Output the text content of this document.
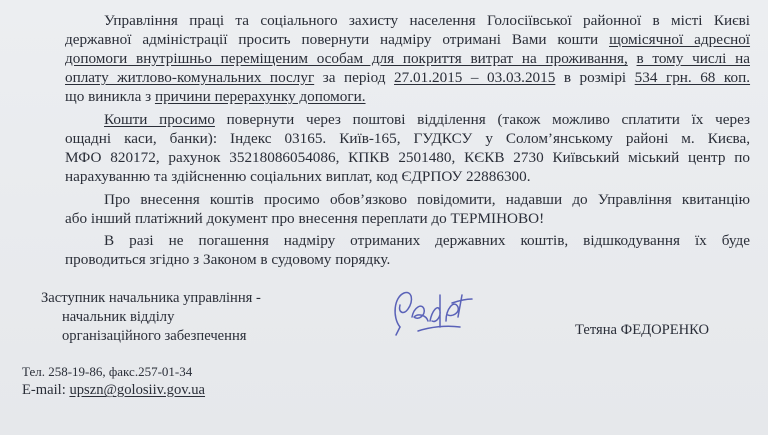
Управління праці та соціального захисту населення Голосіївської районної в місті Києві
державної адміністрації просить повернути надміру отримані Вами кошти щомісячної адресної
допомоги внутрішньо переміщеним особам для покриття витрат на проживання, в тому числі на
оплату житлово-комунальних послуг за період 27.01.2015 – 03.03.2015 в розмірі 534 грн. 68 коп.
що виникла з причини перерахунку допомоги.
Кошти просимо повернути через поштові відділення (також можливо сплатити їх через
ощадні каси, банки): Індекс 03165. Київ-165, ГУДКСУ у Солом’янському районі м. Києва,
МФО 820172, рахунок 35218086054086, КПКВ 2501480, КЄКВ 2730 Київський міський центр по
нарахуванню та здійсненню соціальних виплат, код ЄДРПОУ 22886300.
Про внесення коштів просимо обов’язково повідомити, надавши до Управління квитанцію
або інший платіжний документ про внесення переплати до ТЕРМІНОВО!
В разі не погашення надміру отриманих державних коштів, відшкодування їх буде
проводиться згідно з Законом в судовому порядку.
Заступник начальника управління -
начальник відділу
організаційного забезпечення	Тетяна ФЕДОРЕНКО
Тел. 258-19-86, факс.257-01-34
E-mail: upszn@golosiiv.gov.ua
